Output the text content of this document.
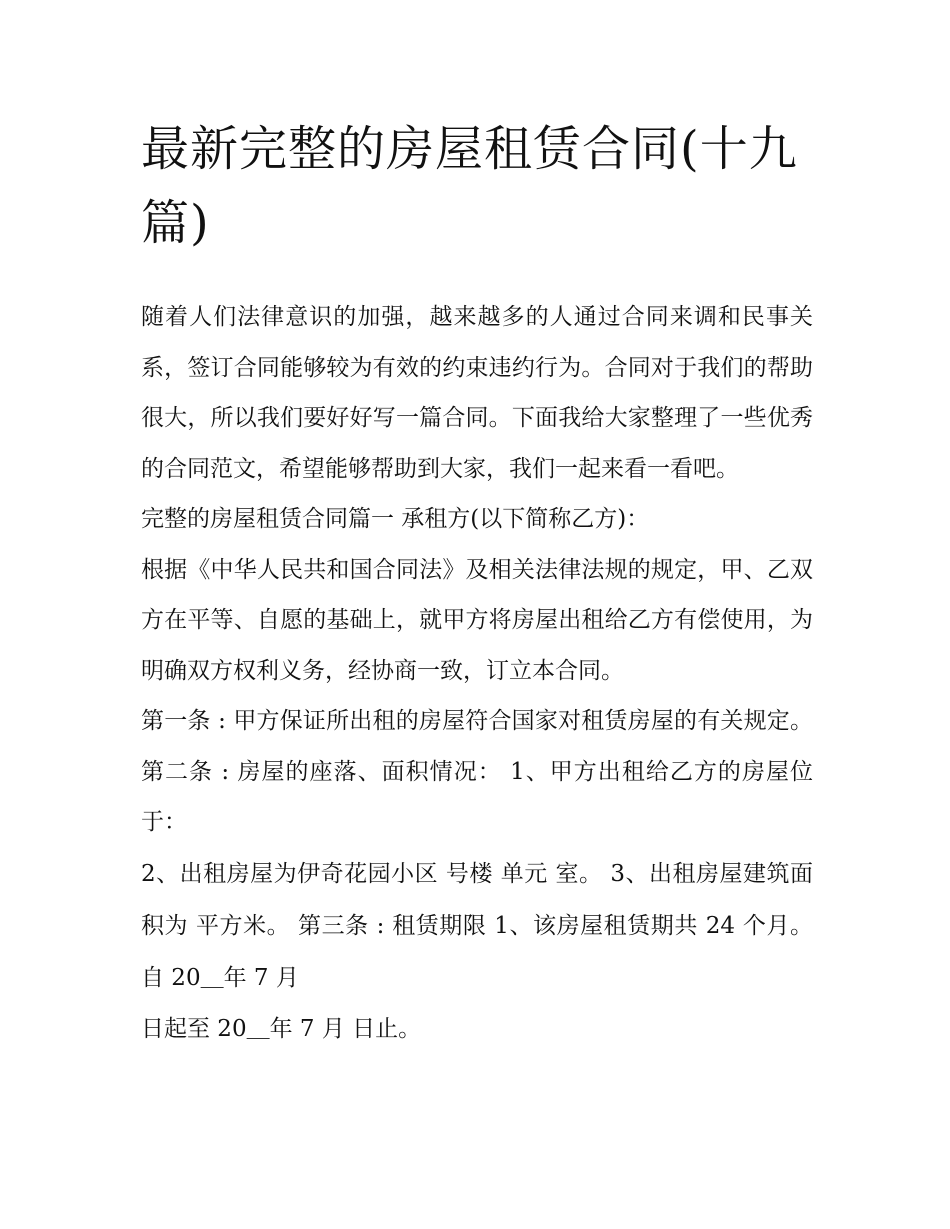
最新完整的房屋租赁合同(十九篇)

随着人们法律意识的加强，越来越多的人通过合同来调和民事关系，签订合同能够较为有效的约束违约行为。合同对于我们的帮助很大，所以我们要好好写一篇合同。下面我给大家整理了一些优秀的合同范文，希望能够帮助到大家，我们一起来看一看吧。

完整的房屋租赁合同篇一 承租方(以下简称乙方)：

根据《中华人民共和国合同法》及相关法律法规的规定，甲、乙双方在平等、自愿的基础上，就甲方将房屋出租给乙方有偿使用，为明确双方权利义务，经协商一致，订立本合同。

第一条 : 甲方保证所出租的房屋符合国家对租赁房屋的有关规定。 第二条 : 房屋的座落、面积情况： 1、甲方出租给乙方的房屋位于：

2、出租房屋为伊奇花园小区 号楼 单元 室。 3、出租房屋建筑面积为 平方米。 第三条 : 租赁期限 1、该房屋租赁期共 24 个月。自 20＿年 7 月

日起至 20＿年 7 月 日止。
